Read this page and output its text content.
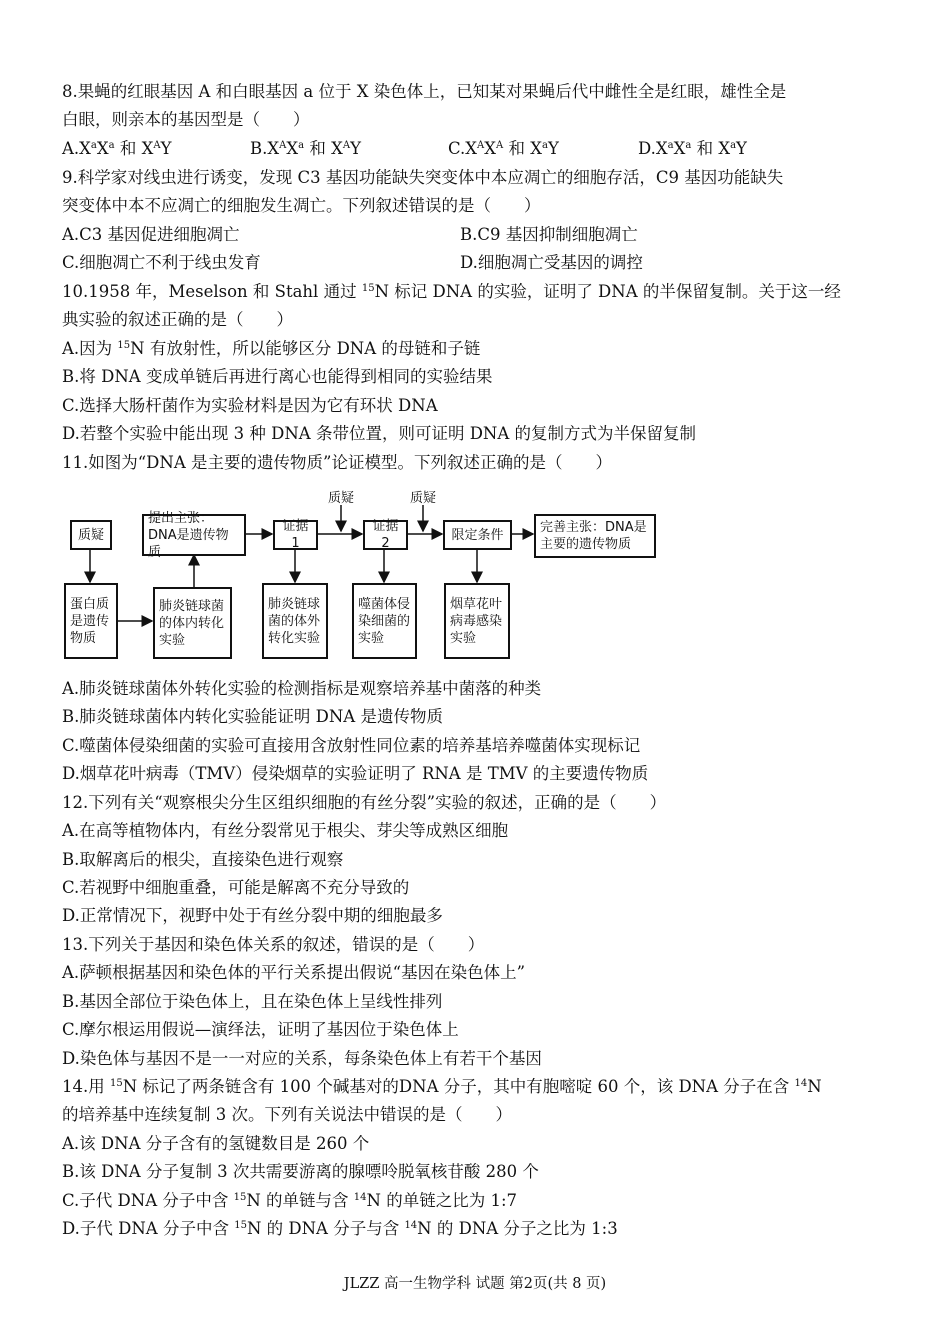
8.果蝇的红眼基因 A 和白眼基因 a 位于 X 染色体上，已知某对果蝇后代中雌性全是红眼，雄性全是
白眼，则亲本的基因型是（　　）
$A.X^aX^a$ 和 $X^AY$	$B.X^AX^a$ 和 $X^AY$	$C.X^AX^A$ 和 $X^aY$	$D.X^aX^a$ 和 $X^aY$
9.科学家对线虫进行诱变，发现 C3 基因功能缺失突变体中本应凋亡的细胞存活，C9 基因功能缺失
突变体中本不应凋亡的细胞发生凋亡。下列叙述错误的是（　　）
A.C3 基因促进细胞凋亡	B.C9 基因抑制细胞凋亡
C.细胞凋亡不利于线虫发育	D.细胞凋亡受基因的调控
10.1958 年，Meselson 和 Stahl 通过 $^{15}$N 标记 DNA 的实验，证明了 DNA 的半保留复制。关于这一经
典实验的叙述正确的是（　　）
A.因为 $^{15}$N 有放射性，所以能够区分 DNA 的母链和子链
B.将 DNA 变成单链后再进行离心也能得到相同的实验结果
C.选择大肠杆菌作为实验材料是因为它有环状 DNA
D.若整个实验中能出现 3 种 DNA 条带位置，则可证明 DNA 的复制方式为半保留复制
11.如图为“DNA 是主要的遗传物质”论证模型。下列叙述正确的是（　　）
质疑
提出主张：DNA是遗传物质
证据1
证据2
限定条件	完善主张：DNA是主要的遗传物质
质疑	质疑
蛋白质是遗传物质
肺炎链球菌的体内转化实验
肺炎链球菌的体外转化实验
噬菌体侵染细菌的实验
烟草花叶病毒感染实验
A.肺炎链球菌体外转化实验的检测指标是观察培养基中菌落的种类
B.肺炎链球菌体内转化实验能证明 DNA 是遗传物质
C.噬菌体侵染细菌的实验可直接用含放射性同位素的培养基培养噬菌体实现标记
D.烟草花叶病毒（TMV）侵染烟草的实验证明了 RNA 是 TMV 的主要遗传物质
12.下列有关“观察根尖分生区组织细胞的有丝分裂”实验的叙述，正确的是（　　）
A.在高等植物体内，有丝分裂常见于根尖、芽尖等成熟区细胞
B.取解离后的根尖，直接染色进行观察
C.若视野中细胞重叠，可能是解离不充分导致的
D.正常情况下，视野中处于有丝分裂中期的细胞最多
13.下列关于基因和染色体关系的叙述，错误的是（　　）
A.萨顿根据基因和染色体的平行关系提出假说“基因在染色体上”
B.基因全部位于染色体上，且在染色体上呈线性排列
C.摩尔根运用假说—演绎法，证明了基因位于染色体上
D.染色体与基因不是一一对应的关系，每条染色体上有若干个基因
14.用 $^{15}$N 标记了两条链含有 100 个碱基对的DNA 分子，其中有胞嘧啶 60 个，该 DNA 分子在含 $^{14}$N
的培养基中连续复制 3 次。下列有关说法中错误的是（　　）
A.该 DNA 分子含有的氢键数目是 260 个
B.该 DNA 分子复制 3 次共需要游离的腺嘌呤脱氧核苷酸 280 个
C.子代 DNA 分子中含 $^{15}$N 的单链与含 $^{14}$N 的单链之比为 1:7
D.子代 DNA 分子中含 $^{15}$N 的 DNA 分子与含 $^{14}$N 的 DNA 分子之比为 1:3
JLZZ 高一生物学科 试题 第2页(共 8 页)
